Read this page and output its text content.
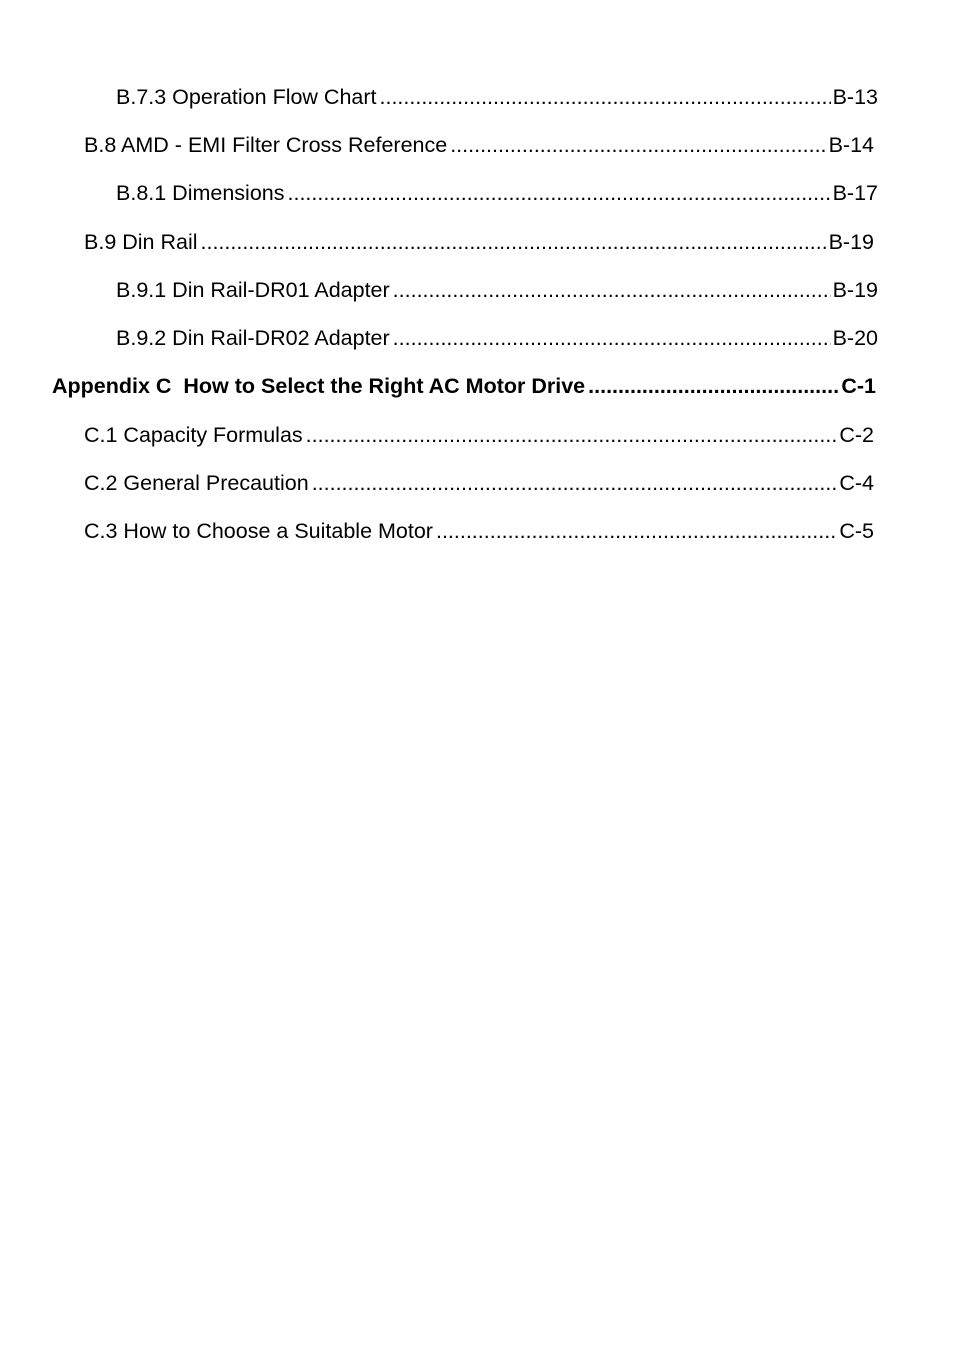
B.7.3 Operation Flow Chart .....	B-13
B.8 AMD - EMI Filter Cross Reference .....	B-14
B.8.1 Dimensions .....	B-17
B.9 Din Rail .....	B-19
B.9.1 Din Rail-DR01 Adapter .....	B-19
B.9.2 Din Rail-DR02 Adapter .....	B-20
Appendix C  How to Select the Right AC Motor Drive .....	C-1
C.1 Capacity Formulas .....	C-2
C.2 General Precaution .....	C-4
C.3 How to Choose a Suitable Motor .....	C-5
